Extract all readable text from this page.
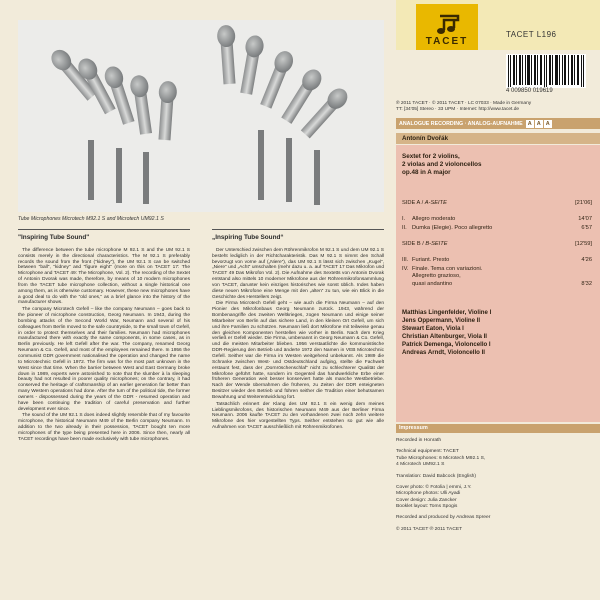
Tube Microphones Microtech M92.1 S and Microtech UM92.1 S
"Inspiring Tube Sound"

The difference between the tube microphone M 92.1 S and the UM 92.1 S consists merely in the directional characteristics. The M 92.1 S preferably records the sound from the front ("kidney"), the UM 92.1 S can be switched between "ball", "kidney" and "figure eight" (more on this on TACET 17: The Microphone and TACET 49: The Microphone, Vol. 2). The recording of the Sextet of Antonin Dvorak was made, therefore, by means of 10 modern microphones from the TACET tube microphone collection, without a single historical one among them, as is otherwise customary. However, these new microphones have a good deal to do with the "old ones," as a brief glance into the history of the manufacturer shows.

The company Microtech Gefell – like the company Neumann – goes back to the pioneer of microphone construction, Georg Neumann. In 1943, during the bombing attacks of the Second World War, Neumann and several of his colleagues from Berlin moved to the safe countryside, to the small town of Gefell, in order to protect themselves and their families. Neumann had microphones manufactured there with exactly the same components, in some cases, as in Berlin previously. He left Gefell after the war. The company, renamed Georg Neumann & Co. Gefell, and most of the employees remained there. In 1956 the communist GDR government nationalised the operation and changed the name to Microtechnic Gefell in 1972. The firm was for the most part unknown in the West since that time. When the barrier between West and East Germany broke down in 1989, experts were astonished to note that the slumber à la sleeping beauty had not resulted in poorer quality microphones; on the contrary, it had conserved the heritage of craftsmanship of an earlier generation far better than many Western operations had done. After the turn of the political tide, the former owners - dispossessed during the years of the GDR - resumed operation and have been continuing the tradition of careful preservation and further development ever since.

The sound of the UM 92.1 S does indeed slightly resemble that of my favourite microphone, the historical Neumann M49 of the Berlin company Neumann. In addition to the two already in their possession, TACET bought ten more microphones of the type being presented here in 2006. Since then, nearly all TACET recordings have been made exclusively with tube microphones.

„Inspiring Tube Sound“

Der Unterschied zwischen dem Röhrenmikrofon M 92.1 S und dem UM 92.1 S besteht lediglich in der Richtcharakteristik. Das M 92.1 S nimmt den Schall bevorzugt von vorne auf („Niere“), das UM 92.1 S lässt sich zwischen „Kugel“, „Niere“ und „Acht“ umschalten (mehr dazu u. a. auf TACET 17 Das Mikrofon und TACET 49 Das Mikrofon Vol. 2). Die Aufnahme des Sextetts von Antonin Dvorak entstand also mittels 10 moderner Mikrofone aus der Röhrenmikrofonsammlung von TACET, darunter kein einziges historisches wie sonst üblich. Indes haben diese neuen Mikrofone eine Menge mit den „alten“ zu tun, wie ein Blick in die Geschichte des Herstellers zeigt.

Die Firma Microtech Gefell geht – wie auch die Firma Neumann – auf den Pionier des Mikrofonbaus Georg Neumann zurück. 1943, während der Bombenangriffe des zweiten Weltkrieges, zogen Neumann und einige seiner Mitarbeiter von Berlin auf das sichere Land, in den kleinen Ort Gefell, um sich und ihre Familien zu schützen. Neumann ließ dort Mikrofone mit teilweise genau den gleichen Komponenten herstellen wie vorher in Berlin. Nach dem Krieg verließ er Gefell wieder. Die Firma, umbenannt in Georg Neumann & Co. Gefell, und die meisten Mitarbeiter blieben. 1956 verstaatlichte die kommunistische DDR-Regierung den Betrieb und änderte 1972 den Namen in VEB Microtechnic Gefell. Seither war die Firma im Westen weitgehend unbekannt. Als 1989 die Schranke zwischen West- und Ostdeutschland aufging, stellte die Fachwelt erstaunt fest, dass der „Dornröschenschlaf“ nicht zu schlechterer Qualität der Mikrofone geführt hatte, sondern im Gegenteil das handwerkliche Erbe einer früheren Generation weit besser konserviert hatte als manche Westbetriebe. Nach der Wende übernahmen die früheren, zu Zeiten der DDR enteigneten Besitzer wieder den Betrieb und führen seither die Tradition einer behutsamen Bewahrung und Weiterentwicklung fort.

Tatsächlich erinnert der Klang des UM 92.1 S ein wenig dem meines Lieblingsmikrofons, des historischen Neumann M49 aus der Berliner Firma Neumann. 2006 kaufte TACET zu den vorhandenen zwei noch zehn weitere Mikrofone des hier vorgestellten Typs. Seither entstehen so gut wie alle Aufnahmen von TACET ausschließlich mit Röhrenmikrofonen.

TACET
TACET L196
4 009850 019619
℗ 2011 TACET · © 2011 TACET · LC 07033 · Made in Germany
TT: [34'05] Stereo · 33 UPM · Internet: http://www.tacet.de
ANALOGUE RECORDING · ANALOG-AUFNAHME A A A
Antonín Dvořák
Sextet for 2 violins,
2 violas and 2 violoncellos
op.48 in A major
SIDE A / A-SEITE	[21'06]
I. Allegro moderato	14'07
II. Dumka (Elegie). Poco allegretto	6'57
SIDE B / B-SEITE	[12'59]
III. Furiant. Presto	4'26
IV. Finale. Tema con variazioni.
Allegretto grazioso,
quasi andantino	8'32
Matthias Lingenfelder, Violine I
Jens Oppermann, Violine II
Stewart Eaton, Viola I
Christian Altenburger, Viola II
Patrick Demenga, Violoncello I
Andreas Arndt, Violoncello II
Impressum
Recorded in Honrath
Technical equipment: TACET
Tube Microphones: 6 Microtech M92.1 S,
4 Microtech UM92.1 S
Translation: David Babcock (English)
Cover photo: © Fotolia | emmi, J.Y.
Microphone photos: Ulli Ayadi
Cover design: Julia Zancker
Booklet layout: Toms Spogis
Recorded and produced by Andreas Spreer
© 2011 TACET ℗ 2011 TACET
